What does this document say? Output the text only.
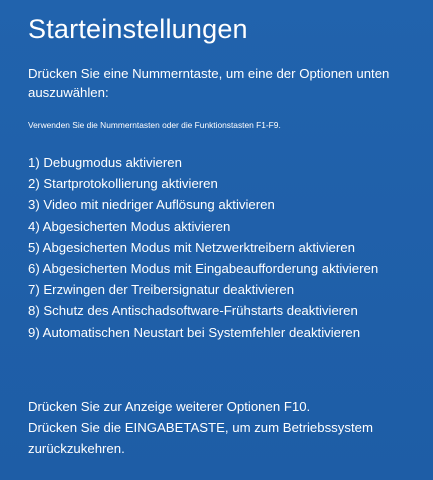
Starteinstellungen
Drücken Sie eine Nummerntaste, um eine der Optionen unten auszuwählen:
Verwenden Sie die Nummerntasten oder die Funktionstasten F1-F9.
1) Debugmodus aktivieren
2) Startprotokollierung aktivieren
3) Video mit niedriger Auflösung aktivieren
4) Abgesicherten Modus aktivieren
5) Abgesicherten Modus mit Netzwerktreibern aktivieren
6) Abgesicherten Modus mit Eingabeaufforderung aktivieren
7) Erzwingen der Treibersignatur deaktivieren
8) Schutz des Antischadsoftware-Frühstarts deaktivieren
9) Automatischen Neustart bei Systemfehler deaktivieren
Drücken Sie zur Anzeige weiterer Optionen F10.
Drücken Sie die EINGABETASTE, um zum Betriebssystem
zurückzukehren.
